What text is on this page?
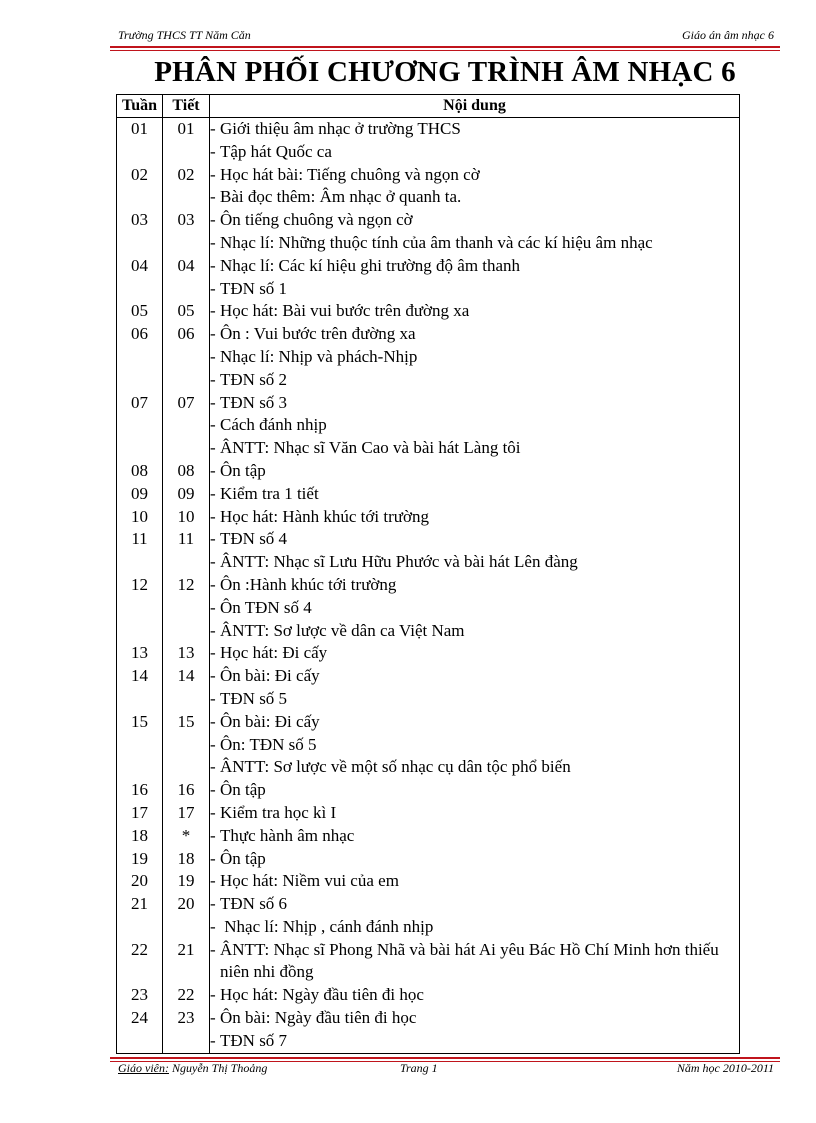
Trường THCS TT Năm Căn	Giáo án âm nhạc 6
PHÂN PHỐI CHƯƠNG TRÌNH ÂM NHẠC 6
Tuần	Tiết	Nội dung
01	01	- Giới thiệu âm nhạc ở trường THCS
		- Tập hát Quốc ca
02	02	- Học hát bài: Tiếng chuông và ngọn cờ
		- Bài đọc thêm: Âm nhạc ở quanh ta.
03	03	- Ôn tiếng chuông và ngọn cờ
		- Nhạc lí: Những thuộc tính của âm thanh và các kí hiệu âm nhạc
04	04	- Nhạc lí: Các kí hiệu ghi trường độ âm thanh
		- TĐN số 1
05	05	- Học hát: Bài vui bước trên đường xa
06	06	- Ôn : Vui bước trên đường xa
		- Nhạc lí: Nhịp và phách-Nhịp
		- TĐN số 2
07	07	- TĐN số 3
		- Cách đánh nhịp
		- ÂNTT: Nhạc sĩ Văn Cao và bài hát Làng tôi
08	08	- Ôn tập
09	09	- Kiểm tra 1 tiết
10	10	- Học hát: Hành khúc tới trường
11	11	- TĐN số 4
		- ÂNTT: Nhạc sĩ Lưu Hữu Phước và bài hát Lên đàng
12	12	- Ôn :Hành khúc tới trường
		- Ôn TĐN số 4
		- ÂNTT: Sơ lược về dân ca Việt Nam
13	13	- Học hát: Đi cấy
14	14	- Ôn bài: Đi cấy
		- TĐN số 5
15	15	- Ôn bài: Đi cấy
		- Ôn: TĐN số 5
		- ÂNTT: Sơ lược về một số nhạc cụ dân tộc phổ biến
16	16	- Ôn tập
17	17	- Kiểm tra học kì I
18	*	- Thực hành âm nhạc
19	18	- Ôn tập
20	19	- Học hát: Niềm vui của em
21	20	- TĐN số 6
		- Nhạc lí: Nhịp , cánh đánh nhịp
22	21	- ÂNTT: Nhạc sĩ Phong Nhã và bài hát Ai yêu Bác Hồ Chí Minh hơn thiếu niên nhi đồng
23	22	- Học hát: Ngày đầu tiên đi học
24	23	- Ôn bài: Ngày đầu tiên đi học
		- TĐN số 7
Giáo viên: Nguyễn Thị Thoảng	Trang 1	Năm học 2010-2011
